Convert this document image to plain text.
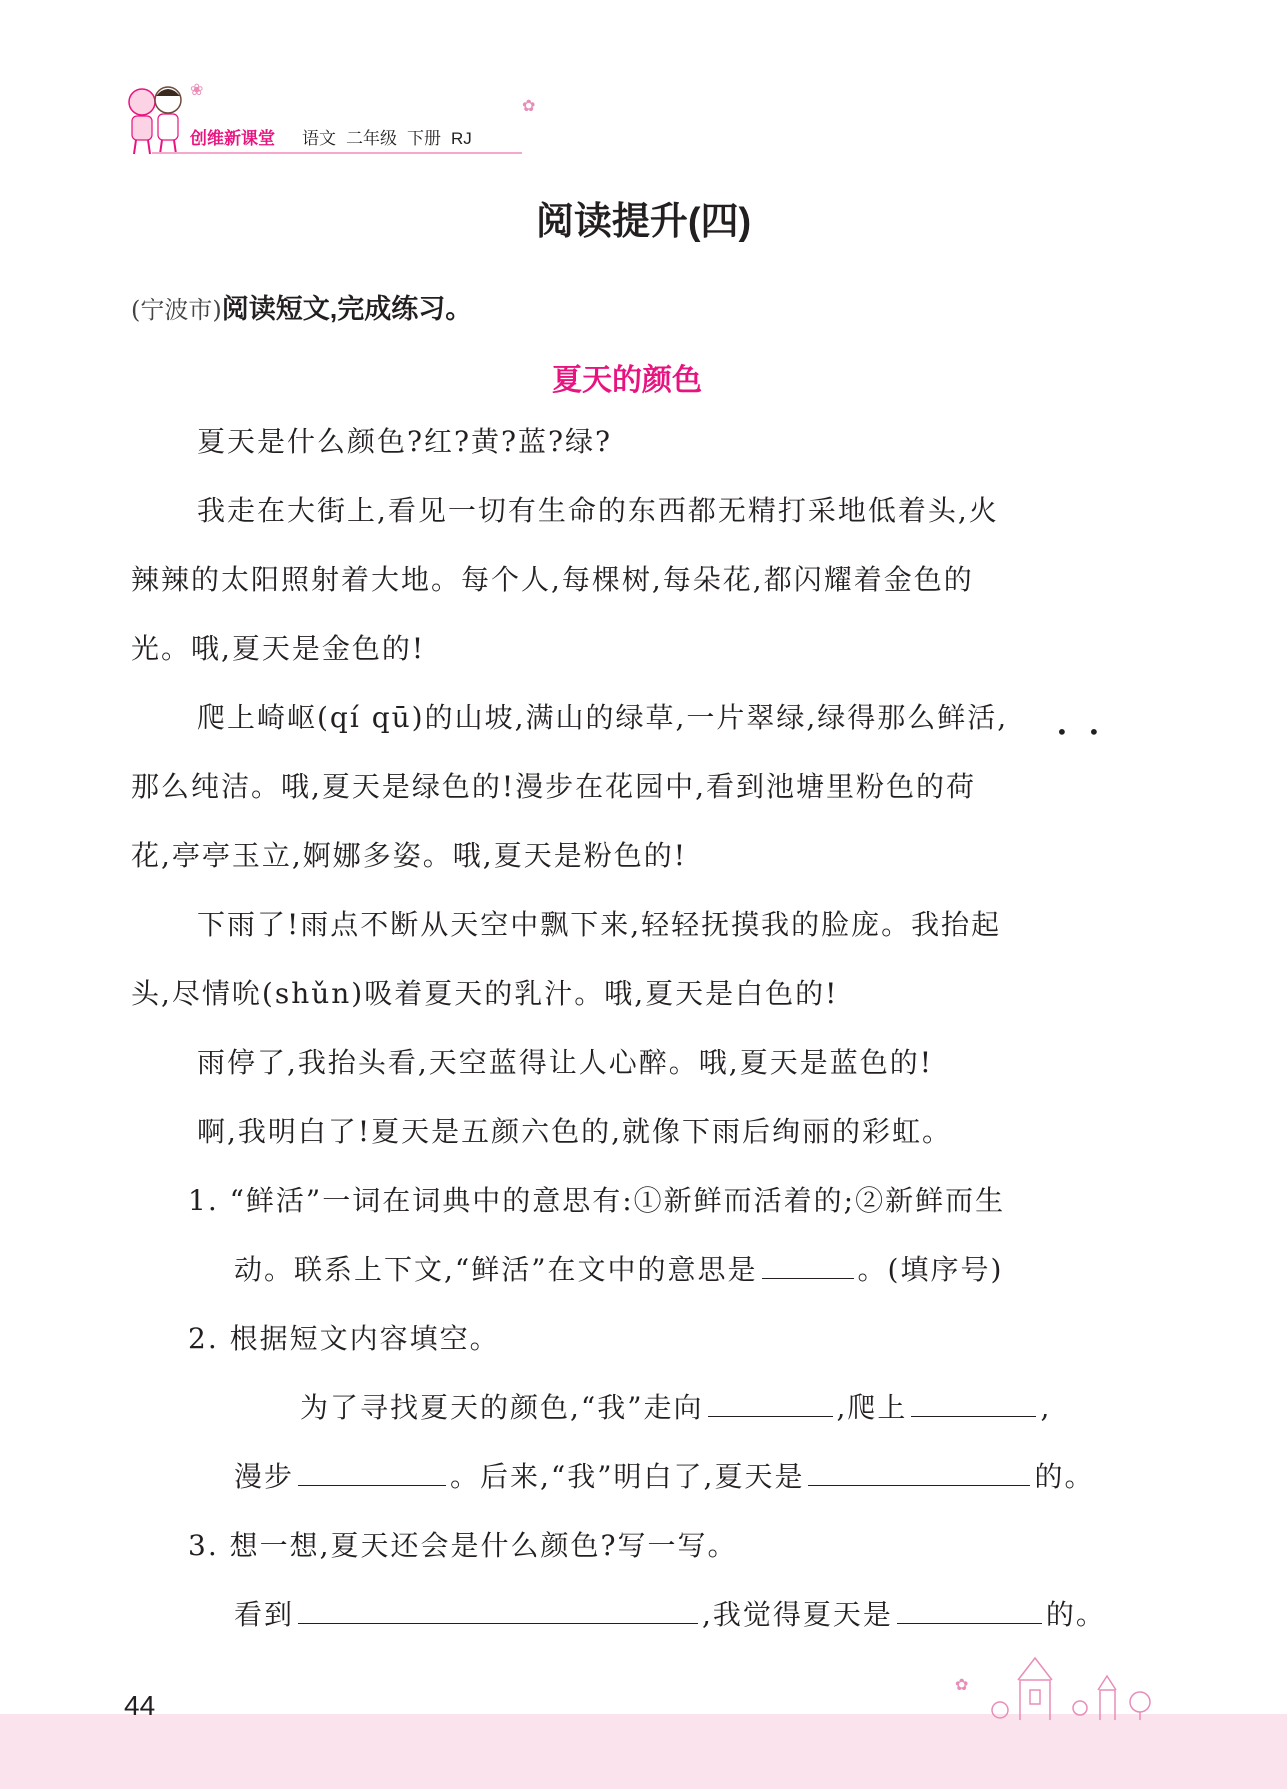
创维新课堂 语文 二年级 下册 RJ
✿
❀
阅读提升(四)
(宁波市)阅读短文,完成练习。
夏天的颜色
夏天是什么颜色?红?黄?蓝?绿?
我走在大街上,看见一切有生命的东西都无精打采地低着头,火
辣辣的太阳照射着大地。每个人,每棵树,每朵花,都闪耀着金色的
光。哦,夏天是金色的!
爬上崎岖(qí qū)的山坡,满山的绿草,一片翠绿,绿得那么鲜活, • •
那么纯洁。哦,夏天是绿色的!漫步在花园中,看到池塘里粉色的荷
花,亭亭玉立,婀娜多姿。哦,夏天是粉色的!
下雨了!雨点不断从天空中飘下来,轻轻抚摸我的脸庞。我抬起
头,尽情吮(shǔn)吸着夏天的乳汁。哦,夏天是白色的!
雨停了,我抬头看,天空蓝得让人心醉。哦,夏天是蓝色的!
啊,我明白了!夏天是五颜六色的,就像下雨后绚丽的彩虹。
1. “鲜活”一词在词典中的意思有:①新鲜而活着的;②新鲜而生
动。联系上下文,“鲜活”在文中的意思是	。(填序号)
2. 根据短文内容填空。
为了寻找夏天的颜色,“我”走向	,爬上	,
漫步	。后来,“我”明白了,夏天是	的。
3. 想一想,夏天还会是什么颜色?写一写。
看到	,我觉得夏天是	的。
44
✿
